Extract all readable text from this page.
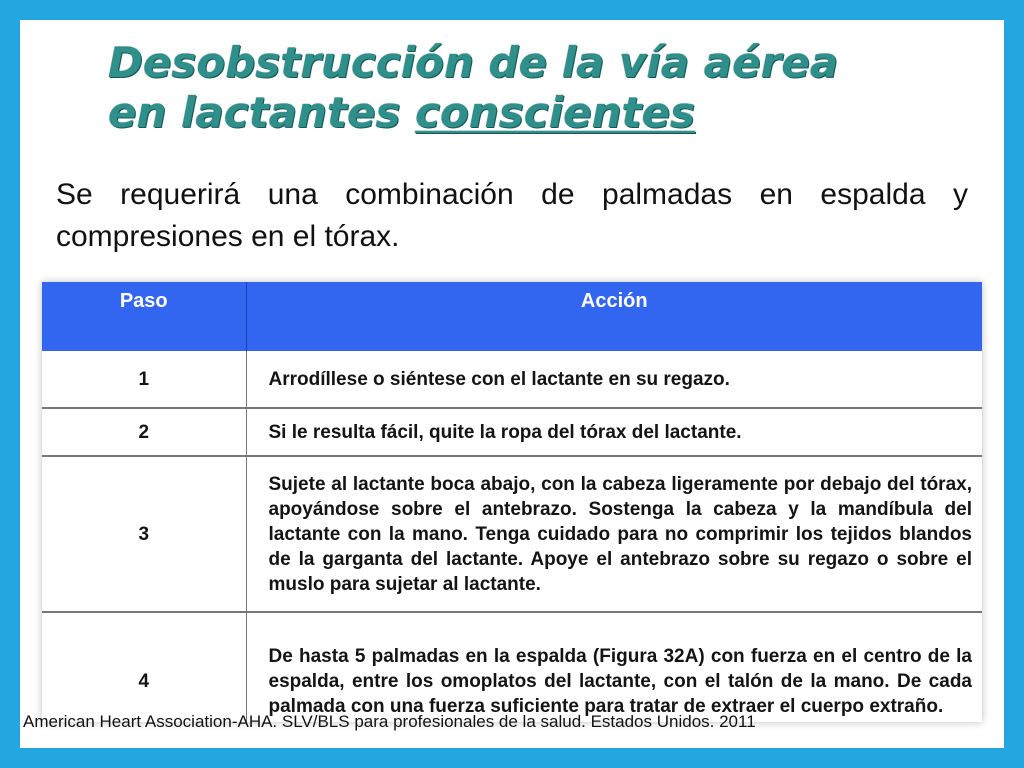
Desobstrucción de la vía aérea
en lactantes conscientes

Se requerirá una combinación de palmadas en espalda y compresiones en el tórax.

Paso	Acción
1	Arrodíllese o siéntese con el lactante en su regazo.
2	Si le resulta fácil, quite la ropa del tórax del lactante.
3	Sujete al lactante boca abajo, con la cabeza ligeramente por debajo del tórax, apoyándose sobre el antebrazo. Sostenga la cabeza y la mandíbula del lactante con la mano. Tenga cuidado para no comprimir los tejidos blandos de la garganta del lactante. Apoye el antebrazo sobre su regazo o sobre el muslo para sujetar al lactante.
4	De hasta 5 palmadas en la espalda (Figura 32A) con fuerza en el centro de la espalda, entre los omoplatos del lactante, con el talón de la mano. De cada palmada con una fuerza suficiente para tratar de extraer el cuerpo extraño.

American Heart Association-AHA. SLV/BLS para profesionales de la salud. Estados Unidos. 2011
